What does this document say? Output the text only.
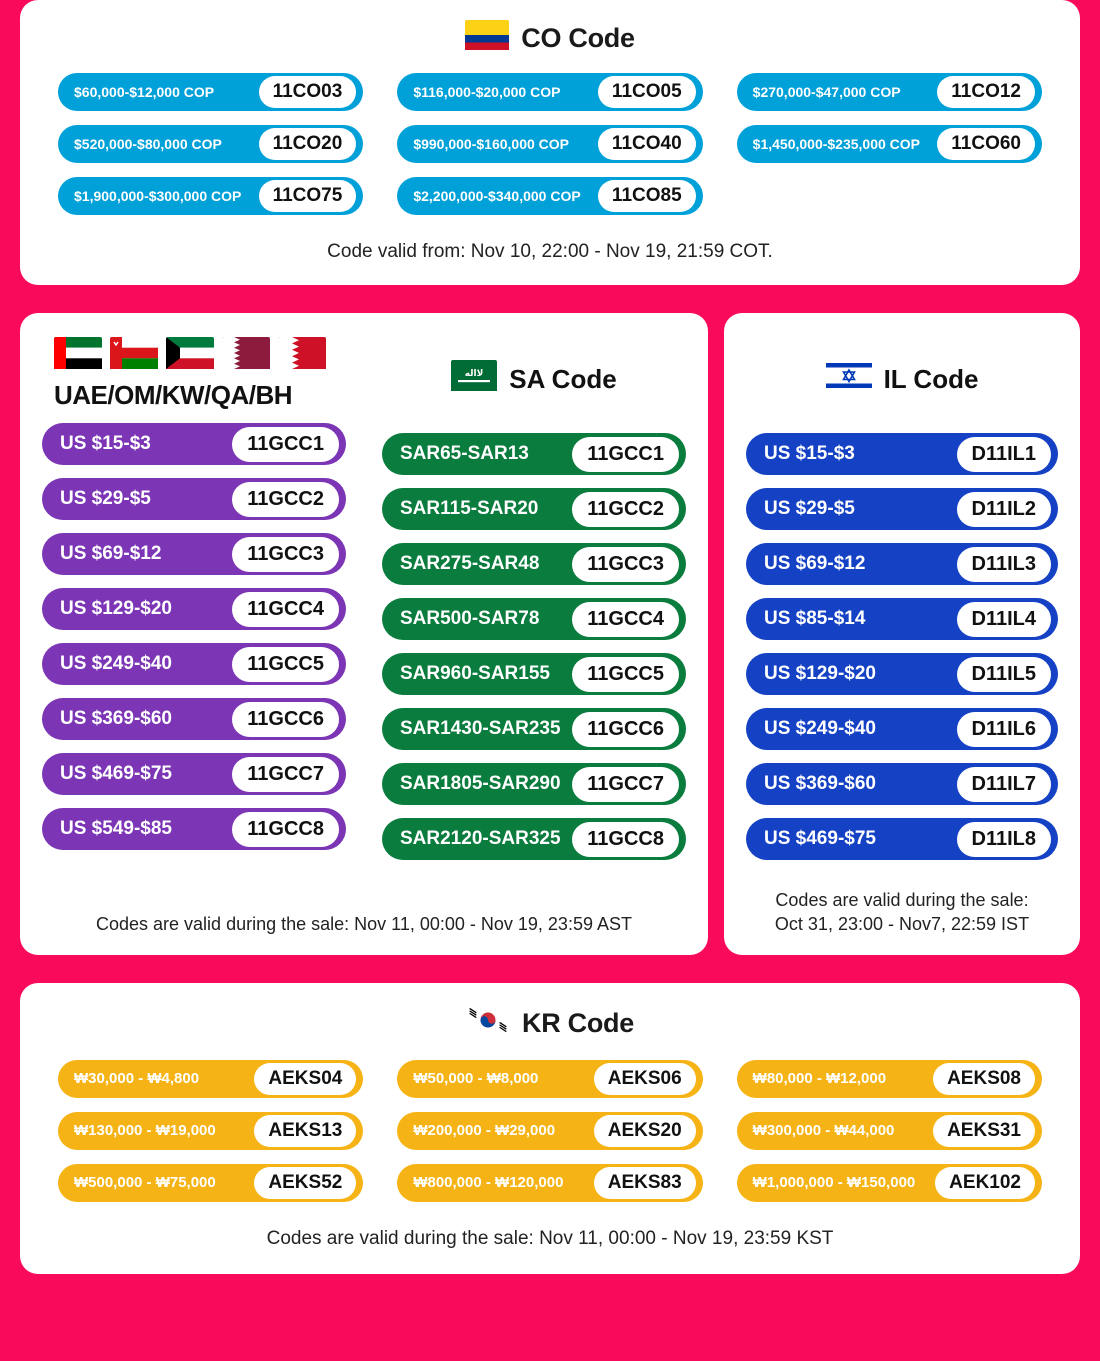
CO Code
$60,000-$12,000 COP	11CO03	$116,000-$20,000 COP	11CO05	$270,000-$47,000 COP	11CO12
$520,000-$80,000 COP	11CO20	$990,000-$160,000 COP	11CO40	$1,450,000-$235,000 COP	11CO60
$1,900,000-$300,000 COP	11CO75	$2,200,000-$340,000 COP	11CO85
Code valid from: Nov 10, 22:00 - Nov 19, 21:59 COT.
UAE/OM/KW/QA/BH
US $15-$3	11GCC1
US $29-$5	11GCC2
US $69-$12	11GCC3
US $129-$20	11GCC4
US $249-$40	11GCC5
US $369-$60	11GCC6
US $469-$75	11GCC7
US $549-$85	11GCC8
لااله SA Code
SAR65-SAR13	11GCC1
SAR115-SAR20	11GCC2
SAR275-SAR48	11GCC3
SAR500-SAR78	11GCC4
SAR960-SAR155	11GCC5
SAR1430-SAR235	11GCC6
SAR1805-SAR290	11GCC7
SAR2120-SAR325	11GCC8
Codes are valid during the sale: Nov 11, 00:00 - Nov 19, 23:59 AST
IL Code
US $15-$3	D11IL1
US $29-$5	D11IL2
US $69-$12	D11IL3
US $85-$14	D11IL4
US $129-$20	D11IL5
US $249-$40	D11IL6
US $369-$60	D11IL7
US $469-$75	D11IL8
Codes are valid during the sale:
Oct 31, 23:00 - Nov7, 22:59 IST
KR Code
₩30,000 - ₩4,800	AEKS04	₩50,000 - ₩8,000	AEKS06	₩80,000 - ₩12,000	AEKS08
₩130,000 - ₩19,000	AEKS13	₩200,000 - ₩29,000	AEKS20	₩300,000 - ₩44,000	AEKS31
₩500,000 - ₩75,000	AEKS52	₩800,000 - ₩120,000	AEKS83	₩1,000,000 - ₩150,000	AEK102
Codes are valid during the sale: Nov 11, 00:00 - Nov 19, 23:59 KST
